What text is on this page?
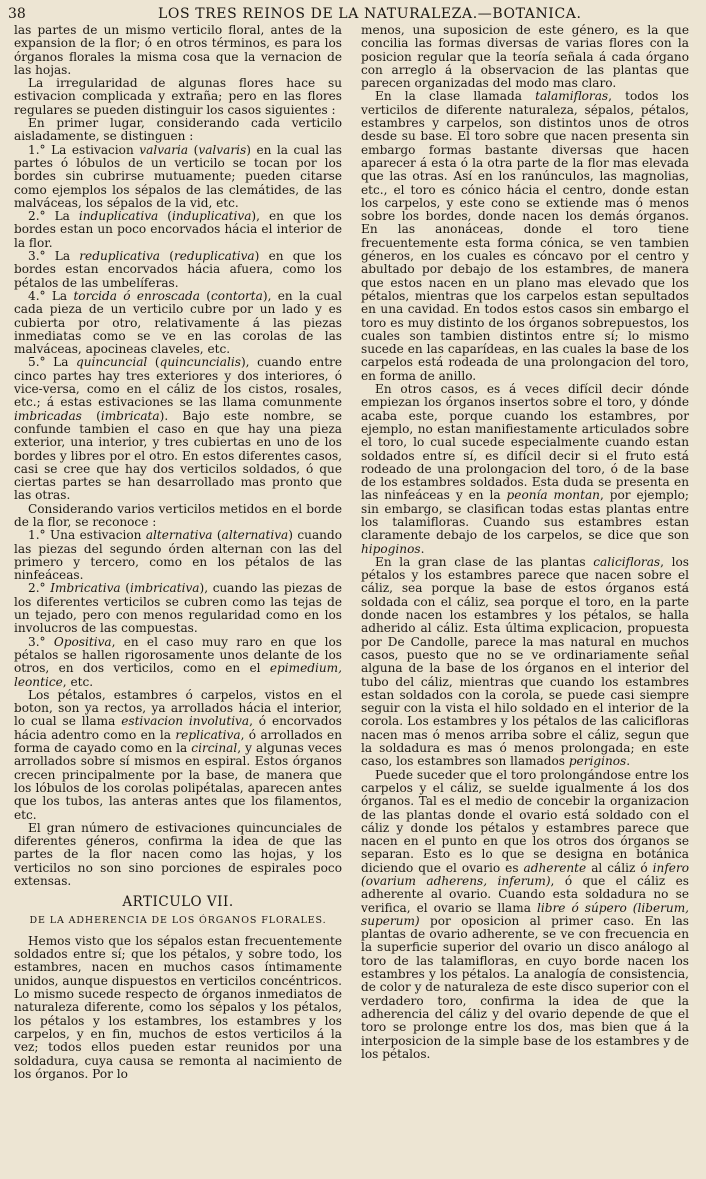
38	LOS TRES REINOS DE LA NATURALEZA.—BOTANICA.

las partes de un mismo verticilo floral, antes de la expansion de la flor; ó en otros términos, es para los órganos florales la misma cosa que la vernacion de las hojas.

La irregularidad de algunas flores hace su estivacion complicada y extraña; pero en las flores regulares se pueden distinguir los casos siguientes :

En primer lugar, considerando cada verticilo aisladamente, se distinguen :

1.° La estivacion valvaria (valvaris) en la cual las partes ó lóbulos de un verticilo se tocan por los bordes sin cubrirse mutuamente; pueden citarse como ejemplos los sépalos de las clemátides, de las malváceas, los sépalos de la vid, etc.

2.° La induplicativa (induplicativa), en que los bordes estan un poco encorvados hácia el interior de la flor.

3.° La reduplicativa (reduplicativa) en que los bordes estan encorvados hácia afuera, como los pétalos de las umbelíferas.

4.° La torcida ó enroscada (contorta), en la cual cada pieza de un verticilo cubre por un lado y es cubierta por otro, relativamente á las piezas inmediatas como se ve en las corolas de las malváceas, apocineas claveles, etc.

5.° La quincuncial (quincuncialis), cuando entre cinco partes hay tres exteriores y dos interiores, ó vice-versa, como en el cáliz de los cistos, rosales, etc.; á estas estivaciones se las llama comunmente imbricadas (imbricata). Bajo este nombre, se confunde tambien el caso en que hay una pieza exterior, una interior, y tres cubiertas en uno de los bordes y libres por el otro. En estos diferentes casos, casi se cree que hay dos verticilos soldados, ó que ciertas partes se han desarrollado mas pronto que las otras.

Considerando varios verticilos metidos en el borde de la flor, se reconoce :

1.° Una estivacion alternativa (alternativa) cuando las piezas del segundo órden alternan con las del primero y tercero, como en los pétalos de las ninfeáceas.

2.° Imbricativa (imbricativa), cuando las piezas de los diferentes verticilos se cubren como las tejas de un tejado, pero con menos regularidad como en los involucros de las compuestas.

3.° Opositiva, en el caso muy raro en que los pétalos se hallen rigorosamente unos delante de los otros, en dos verticilos, como en el epimedium, leontice, etc.

Los pétalos, estambres ó carpelos, vistos en el boton, son ya rectos, ya arrollados hácia el interior, lo cual se llama estivacion involutiva, ó encorvados hácia adentro como en la replicativa, ó arrollados en forma de cayado como en la circinal, y algunas veces arrollados sobre sí mismos en espiral. Estos órganos crecen principalmente por la base, de manera que los lóbulos de los corolas polipétalas, aparecen antes que los tubos, las anteras antes que los filamentos, etc.

El gran número de estivaciones quincunciales de diferentes géneros, confirma la idea de que las partes de la flor nacen como las hojas, y los verticilos no son sino porciones de espirales poco extensas.

ARTICULO VII.
DE LA ADHERENCIA DE LOS ÓRGANOS FLORALES.

Hemos visto que los sépalos estan frecuentemente soldados entre sí; que los pétalos, y sobre todo, los estambres, nacen en muchos casos íntimamente unidos, aunque dispuestos en verticilos concéntricos. Lo mismo sucede respecto de órganos inmediatos de naturaleza diferente, como los sépalos y los pétalos, los pétalos y los estambres, los estambres y los carpelos, y en fin, muchos de estos verticilos á la vez; todos ellos pueden estar reunidos por una soldadura, cuya causa se remonta al nacimiento de los órganos. Por lo

menos, una suposicion de este género, es la que concilia las formas diversas de varias flores con la posicion regular que la teoría señala á cada órgano con arreglo á la observacion de las plantas que parecen organizadas del modo mas claro.

En la clase llamada talamifloras, todos los verticilos de diferente naturaleza, sépalos, pétalos, estambres y carpelos, son distintos unos de otros desde su base. El toro sobre que nacen presenta sin embargo formas bastante diversas que hacen aparecer á esta ó la otra parte de la flor mas elevada que las otras. Así en los ranúnculos, las magnolias, etc., el toro es cónico hácia el centro, donde estan los carpelos, y este cono se extiende mas ó menos sobre los bordes, donde nacen los demás órganos. En las anonáceas, donde el toro tiene frecuentemente esta forma cónica, se ven tambien géneros, en los cuales es cóncavo por el centro y abultado por debajo de los estambres, de manera que estos nacen en un plano mas elevado que los pétalos, mientras que los carpelos estan sepultados en una cavidad. En todos estos casos sin embargo el toro es muy distinto de los órganos sobrepuestos, los cuales son tambien distintos entre sí; lo mismo sucede en las caparídeas, en las cuales la base de los carpelos está rodeada de una prolongacion del toro, en forma de anillo.

En otros casos, es á veces difícil decir dónde empiezan los órganos insertos sobre el toro, y dónde acaba este, porque cuando los estambres, por ejemplo, no estan manifiestamente articulados sobre el toro, lo cual sucede especialmente cuando estan soldados entre sí, es difícil decir si el fruto está rodeado de una prolongacion del toro, ó de la base de los estambres soldados. Esta duda se presenta en las ninfeáceas y en la peonía montan, por ejemplo; sin embargo, se clasifican todas estas plantas entre los talamifloras. Cuando sus estambres estan claramente debajo de los carpelos, se dice que son hipoginos.

En la gran clase de las plantas calicifloras, los pétalos y los estambres parece que nacen sobre el cáliz, sea porque la base de estos órganos está soldada con el cáliz, sea porque el toro, en la parte donde nacen los estambres y los pétalos, se halla adherido al cáliz. Esta última explicacion, propuesta por De Candolle, parece la mas natural en muchos casos, puesto que no se ve ordinariamente señal alguna de la base de los órganos en el interior del tubo del cáliz, mientras que cuando los estambres estan soldados con la corola, se puede casi siempre seguir con la vista el hilo soldado en el interior de la corola. Los estambres y los pétalos de las calicifloras nacen mas ó menos arriba sobre el cáliz, segun que la soldadura es mas ó menos prolongada; en este caso, los estambres son llamados periginos.

Puede suceder que el toro prolongándose entre los carpelos y el cáliz, se suelde igualmente á los dos órganos. Tal es el medio de concebir la organizacion de las plantas donde el ovario está soldado con el cáliz y donde los pétalos y estambres parece que nacen en el punto en que los otros dos órganos se separan. Esto es lo que se designa en botánica diciendo que el ovario es adherente al cáliz ó infero (ovarium adherens, inferum), ó que el cáliz es adherente al ovario. Cuando esta soldadura no se verifica, el ovario se llama libre ó súpero (liberum, superum) por oposicion al primer caso. En las plantas de ovario adherente, se ve con frecuencia en la superficie superior del ovario un disco análogo al toro de las talamifloras, en cuyo borde nacen los estambres y los pétalos. La analogía de consistencia, de color y de naturaleza de este disco superior con el verdadero toro, confirma la idea de que la adherencia del cáliz y del ovario depende de que el toro se prolonge entre los dos, mas bien que á la interposicion de la simple base de los estambres y de los pétalos.
